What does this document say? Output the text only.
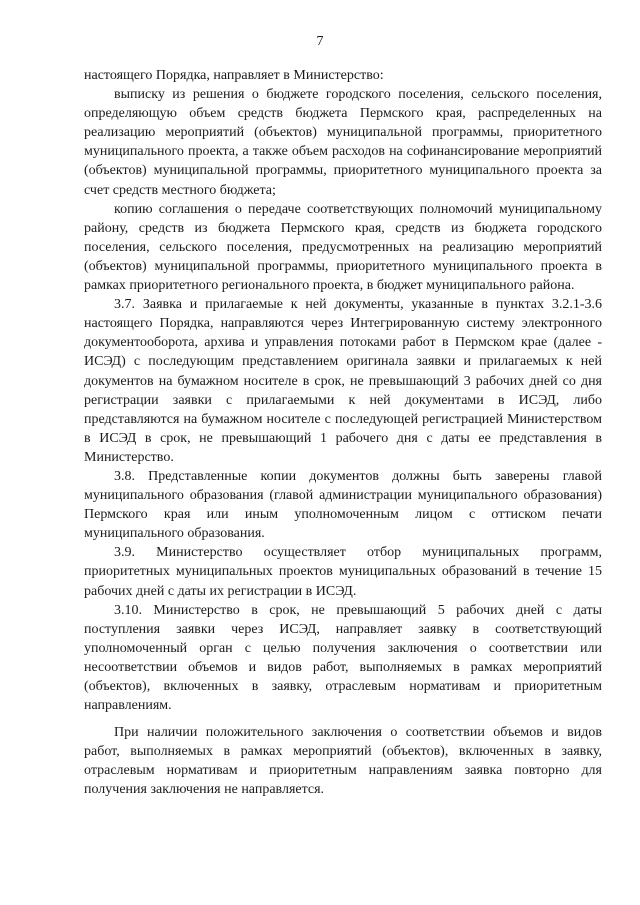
7

настоящего Порядка, направляет в Министерство:

выписку из решения о бюджете городского поселения, сельского поселения, определяющую объем средств бюджета Пермского края, распределенных на реализацию мероприятий (объектов) муниципальной программы, приоритетного муниципального проекта, а также объем расходов на софинансирование мероприятий (объектов) муниципальной программы, приоритетного муниципального проекта за счет средств местного бюджета;

копию соглашения о передаче соответствующих полномочий муниципальному району, средств из бюджета Пермского края, средств из бюджета городского поселения, сельского поселения, предусмотренных на реализацию мероприятий (объектов) муниципальной программы, приоритетного муниципального проекта в рамках приоритетного регионального проекта, в бюджет муниципального района.

3.7. Заявка и прилагаемые к ней документы, указанные в пунктах 3.2.1-3.6 настоящего Порядка, направляются через Интегрированную систему электронного документооборота, архива и управления потоками работ в Пермском крае (далее - ИСЭД) с последующим представлением оригинала заявки и прилагаемых к ней документов на бумажном носителе в срок, не превышающий 3 рабочих дней со дня регистрации заявки с прилагаемыми к ней документами в ИСЭД, либо представляются на бумажном носителе с последующей регистрацией Министерством в ИСЭД в срок, не превышающий 1 рабочего дня с даты ее представления в Министерство.

3.8. Представленные копии документов должны быть заверены главой муниципального образования (главой администрации муниципального образования) Пермского края или иным уполномоченным лицом с оттиском печати муниципального образования.

3.9. Министерство осуществляет отбор муниципальных программ, приоритетных муниципальных проектов муниципальных образований в течение 15 рабочих дней с даты их регистрации в ИСЭД.

3.10. Министерство в срок, не превышающий 5 рабочих дней с даты поступления заявки через ИСЭД, направляет заявку в соответствующий уполномоченный орган с целью получения заключения о соответствии или несоответствии объемов и видов работ, выполняемых в рамках мероприятий (объектов), включенных в заявку, отраслевым нормативам и приоритетным направлениям.

При наличии положительного заключения о соответствии объемов и видов работ, выполняемых в рамках мероприятий (объектов), включенных в заявку, отраслевым нормативам и приоритетным направлениям заявка повторно для получения заключения не направляется.
